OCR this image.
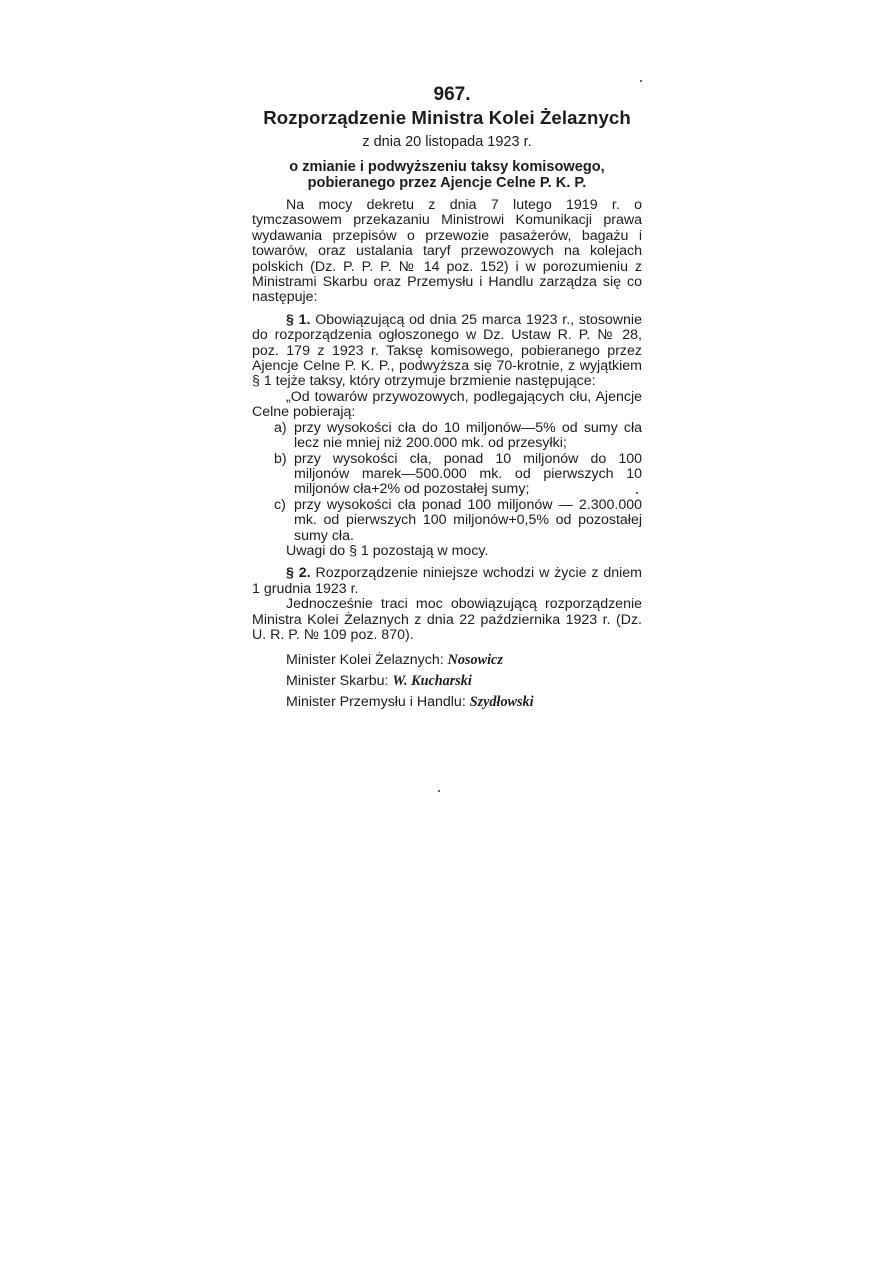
967.
Rozporządzenie Ministra Kolei Żelaznych
z dnia 20 listopada 1923 r.
o zmianie i podwyższeniu taksy komisowego,
pobieranego przez Ajencje Celne P. K. P.

Na mocy dekretu z dnia 7 lutego 1919 r. o tymczasowem przekazaniu Ministrowi Komunikacji prawa wydawania przepisów o przewozie pasażerów, bagażu i towarów, oraz ustalania taryf przewozowych na kolejach polskich (Dz. P. P. P. № 14 poz. 152) i w porozumieniu z Ministrami Skarbu oraz Przemysłu i Handlu zarządza się co następuje:

§ 1. Obowiązującą od dnia 25 marca 1923 r., stosownie do rozporządzenia ogłoszonego w Dz. Ustaw R. P. № 28, poz. 179 z 1923 r. Taksę komisowego, pobieranego przez Ajencje Celne P. K. P., podwyższa się 70-krotnie, z wyjątkiem § 1 tejże taksy, który otrzymuje brzmienie następujące:

„Od towarów przywozowych, podlegających cłu, Ajencje Celne pobierają:

a) przy wysokości cła do 10 miljonów—5% od sumy cła lecz nie mniej niż 200.000 mk. od przesyłki;
b) przy wysokości cła, ponad 10 miljonów do 100 miljonów marek—500.000 mk. od pierwszych 10 miljonów cła+2% od pozostałej sumy;
c) przy wysokości cła ponad 100 miljonów — 2.300.000 mk. od pierwszych 100 miljonów+0,5% od pozostałej sumy cła.

Uwagi do § 1 pozostają w mocy.

§ 2. Rozporządzenie niniejsze wchodzi w życie z dniem 1 grudnia 1923 r.

Jednocześnie traci moc obowiązującą rozporządzenie Ministra Kolei Żelaznych z dnia 22 października 1923 r. (Dz. U. R. P. № 109 poz. 870).

Minister Kolei Żelaznych: Nosowicz
Minister Skarbu: W. Kucharski
Minister Przemysłu i Handlu: Szydłowski
